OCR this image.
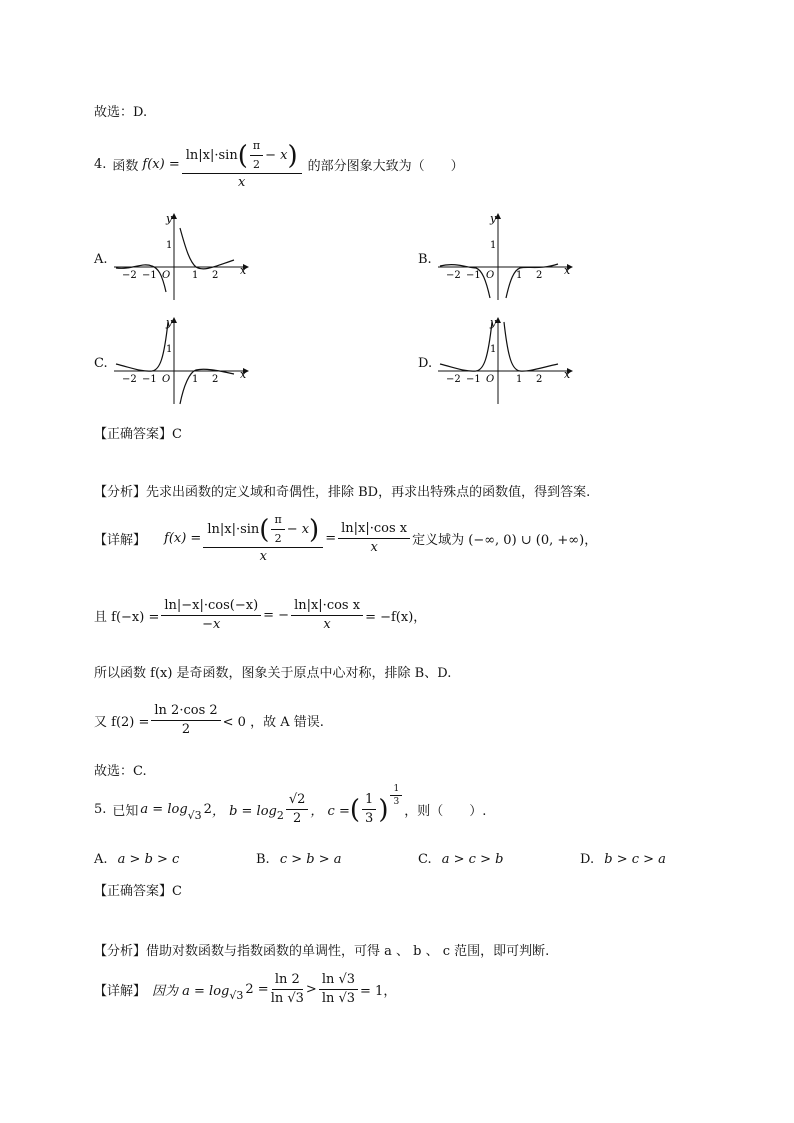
故选：D.
4. 函数 $f(x) = \frac{\ln|x|\cdot\sin ( \frac{\pi}{2} - x )}{x}$ 的部分图象大致为（　　）
A.
y
x
1
−2 −1 O 1 2
B.
y
x
1
−2 −1 O 1 2
C.
y
x
1
−2 −1 O 1 2
D.
y
x
1
−2 −1 O 1 2
【正确答案】C
【分析】先求出函数的定义域和奇偶性，排除 BD，再求出特殊点的函数值，得到答案.
【详解】 $f(x) = \frac{\ln|x|\cdot\sin ( \frac{\pi}{2} - x )}{x} = \frac{\text{ln|x|·cos x}}{x}$ 定义域为 (−∞, 0) ∪ (0, +∞)，
且 $f(-x) = \frac{\ln|-x|\cdot\cos(-x)}{-x}$ = − $\frac{\text{ln|x|·cos x}}{x} = -f(x)$，
所以函数 f(x) 是奇函数，图象关于原点中心对称，排除 B、D.
又 $f(2) = \frac{\ln 2\cdot\cos 2}{2} < 0$ ，故 A 错误.
故选：C.
5. 已知 a = log √3 2 ， $b = \log 2 \frac{√2}{2}$ ， c = ( $\frac{1}{3}$ ) $\frac{1}{3}$
，则（　　）.
A. a > b > c	B. c > b > a	C. a > c > b	D. b > c > a
【正确答案】C
【分析】借助对数函数与指数函数的单调性，可得 a 、 b 、 c 范围，即可判断.
【详解】 因为 a = log √3 $2 = \frac{\ln 2}{\ln √3} > \frac{\ln √3}{\ln √3} = 1$，
